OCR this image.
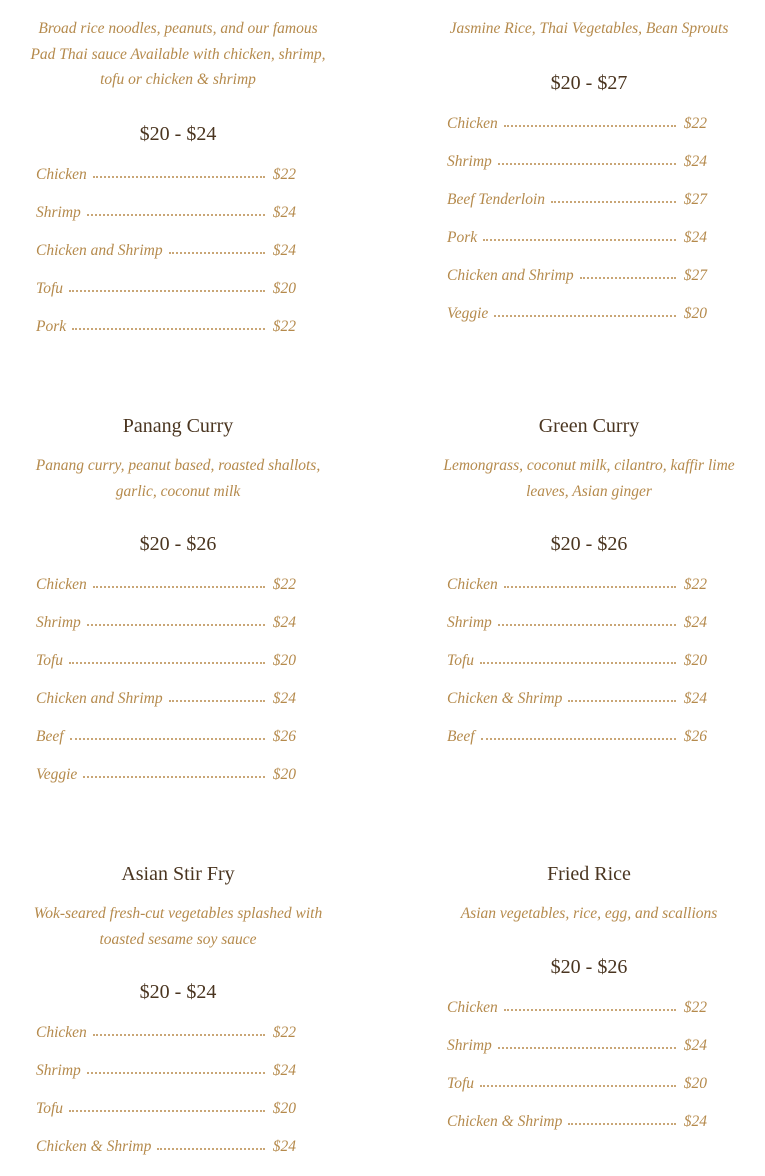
Broad rice noodles, peanuts, and our famous Pad Thai sauce Available with chicken, shrimp, tofu or chicken & shrimp

$20 - $24
Chicken	$22
Shrimp	$24
Chicken and Shrimp	$24
Tofu	$20
Pork	$22

Jasmine Rice, Thai Vegetables, Bean Sprouts

$20 - $27
Chicken	$22
Shrimp	$24
Beef Tenderloin	$27
Pork	$24
Chicken and Shrimp	$27
Veggie	$20
Panang Curry

Panang curry, peanut based, roasted shallots, garlic, coconut milk

$20 - $26
Chicken	$22
Shrimp	$24
Tofu	$20
Chicken and Shrimp	$24
Beef	$26
Veggie	$20
Green Curry

Lemongrass, coconut milk, cilantro, kaffir lime leaves, Asian ginger

$20 - $26
Chicken	$22
Shrimp	$24
Tofu	$20
Chicken & Shrimp	$24
Beef	$26
Asian Stir Fry

Wok-seared fresh-cut vegetables splashed with toasted sesame soy sauce

$20 - $24
Chicken	$22
Shrimp	$24
Tofu	$20
Chicken & Shrimp	$24
Fried Rice

Asian vegetables, rice, egg, and scallions

$20 - $26
Chicken	$22
Shrimp	$24
Tofu	$20
Chicken & Shrimp	$24
